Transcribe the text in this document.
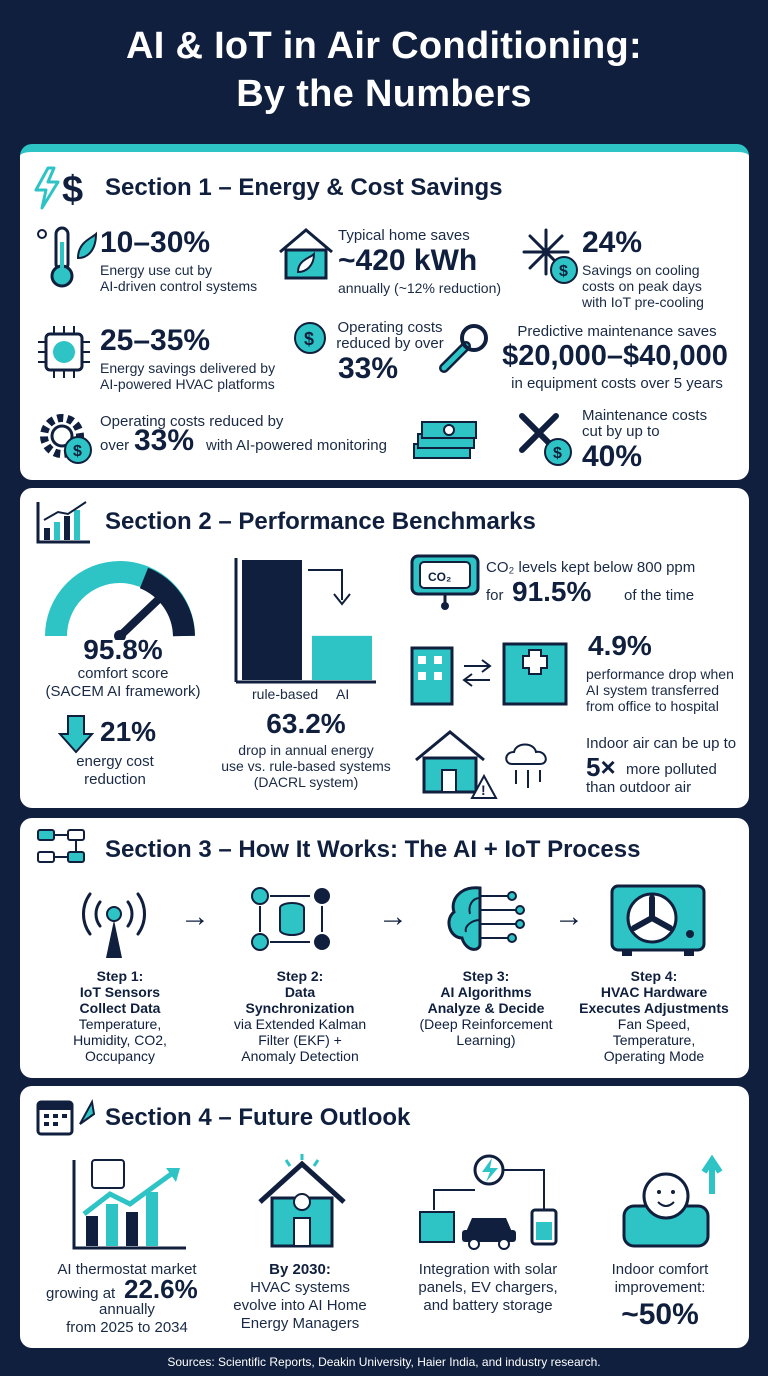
AI & IoT in Air Conditioning:
By the Numbers
$ Section 1 – Energy & Cost Savings
10–30%
Energy use cut by
AI-driven control systems
Typical home saves
~420 kWh
annually (~12% reduction)
$
24%
Savings on cooling
costs on peak days
with IoT pre-cooling
25–35%
Energy savings delivered by
AI-powered HVAC platforms
$
Operating costs
reduced by over
33%
Predictive maintenance saves
$20,000–$40,000
in equipment costs over 5 years
$
Operating costs reduced by
over 33% with AI-powered monitoring	$
Maintenance costs
cut by up to
40%
Section 2 – Performance Benchmarks
95.8%
comfort score
(SACEM AI framework)
21%
energy cost
reduction
rule-based AI
63.2%
drop in annual energy
use vs. rule-based systems
(DACRL system)
CO₂
CO₂ levels kept below 800 ppm
for 91.5% of the time
4.9%
performance drop when
AI system transferred
from office to hospital
!
Indoor air can be up to
5× more polluted
than outdoor air
Section 3 – How It Works: The AI + IoT Process
→	→	→
Step 1:
IoT Sensors
Collect Data
Temperature,
Humidity, CO2,
Occupancy
Step 2:
Data
Synchronization
via Extended Kalman
Filter (EKF) +
Anomaly Detection
Step 3:
AI Algorithms
Analyze & Decide
(Deep Reinforcement
Learning)
Step 4:
HVAC Hardware
Executes Adjustments
Fan Speed,
Temperature,
Operating Mode
Section 4 – Future Outlook
AI thermostat market
growing at 22.6%
annually
from 2025 to 2034
By 2030:
HVAC systems
evolve into AI Home
Energy Managers
Integration with solar
panels, EV chargers,
and battery storage
Indoor comfort
improvement:
~50%
Sources: Scientific Reports, Deakin University, Haier India, and industry research.
